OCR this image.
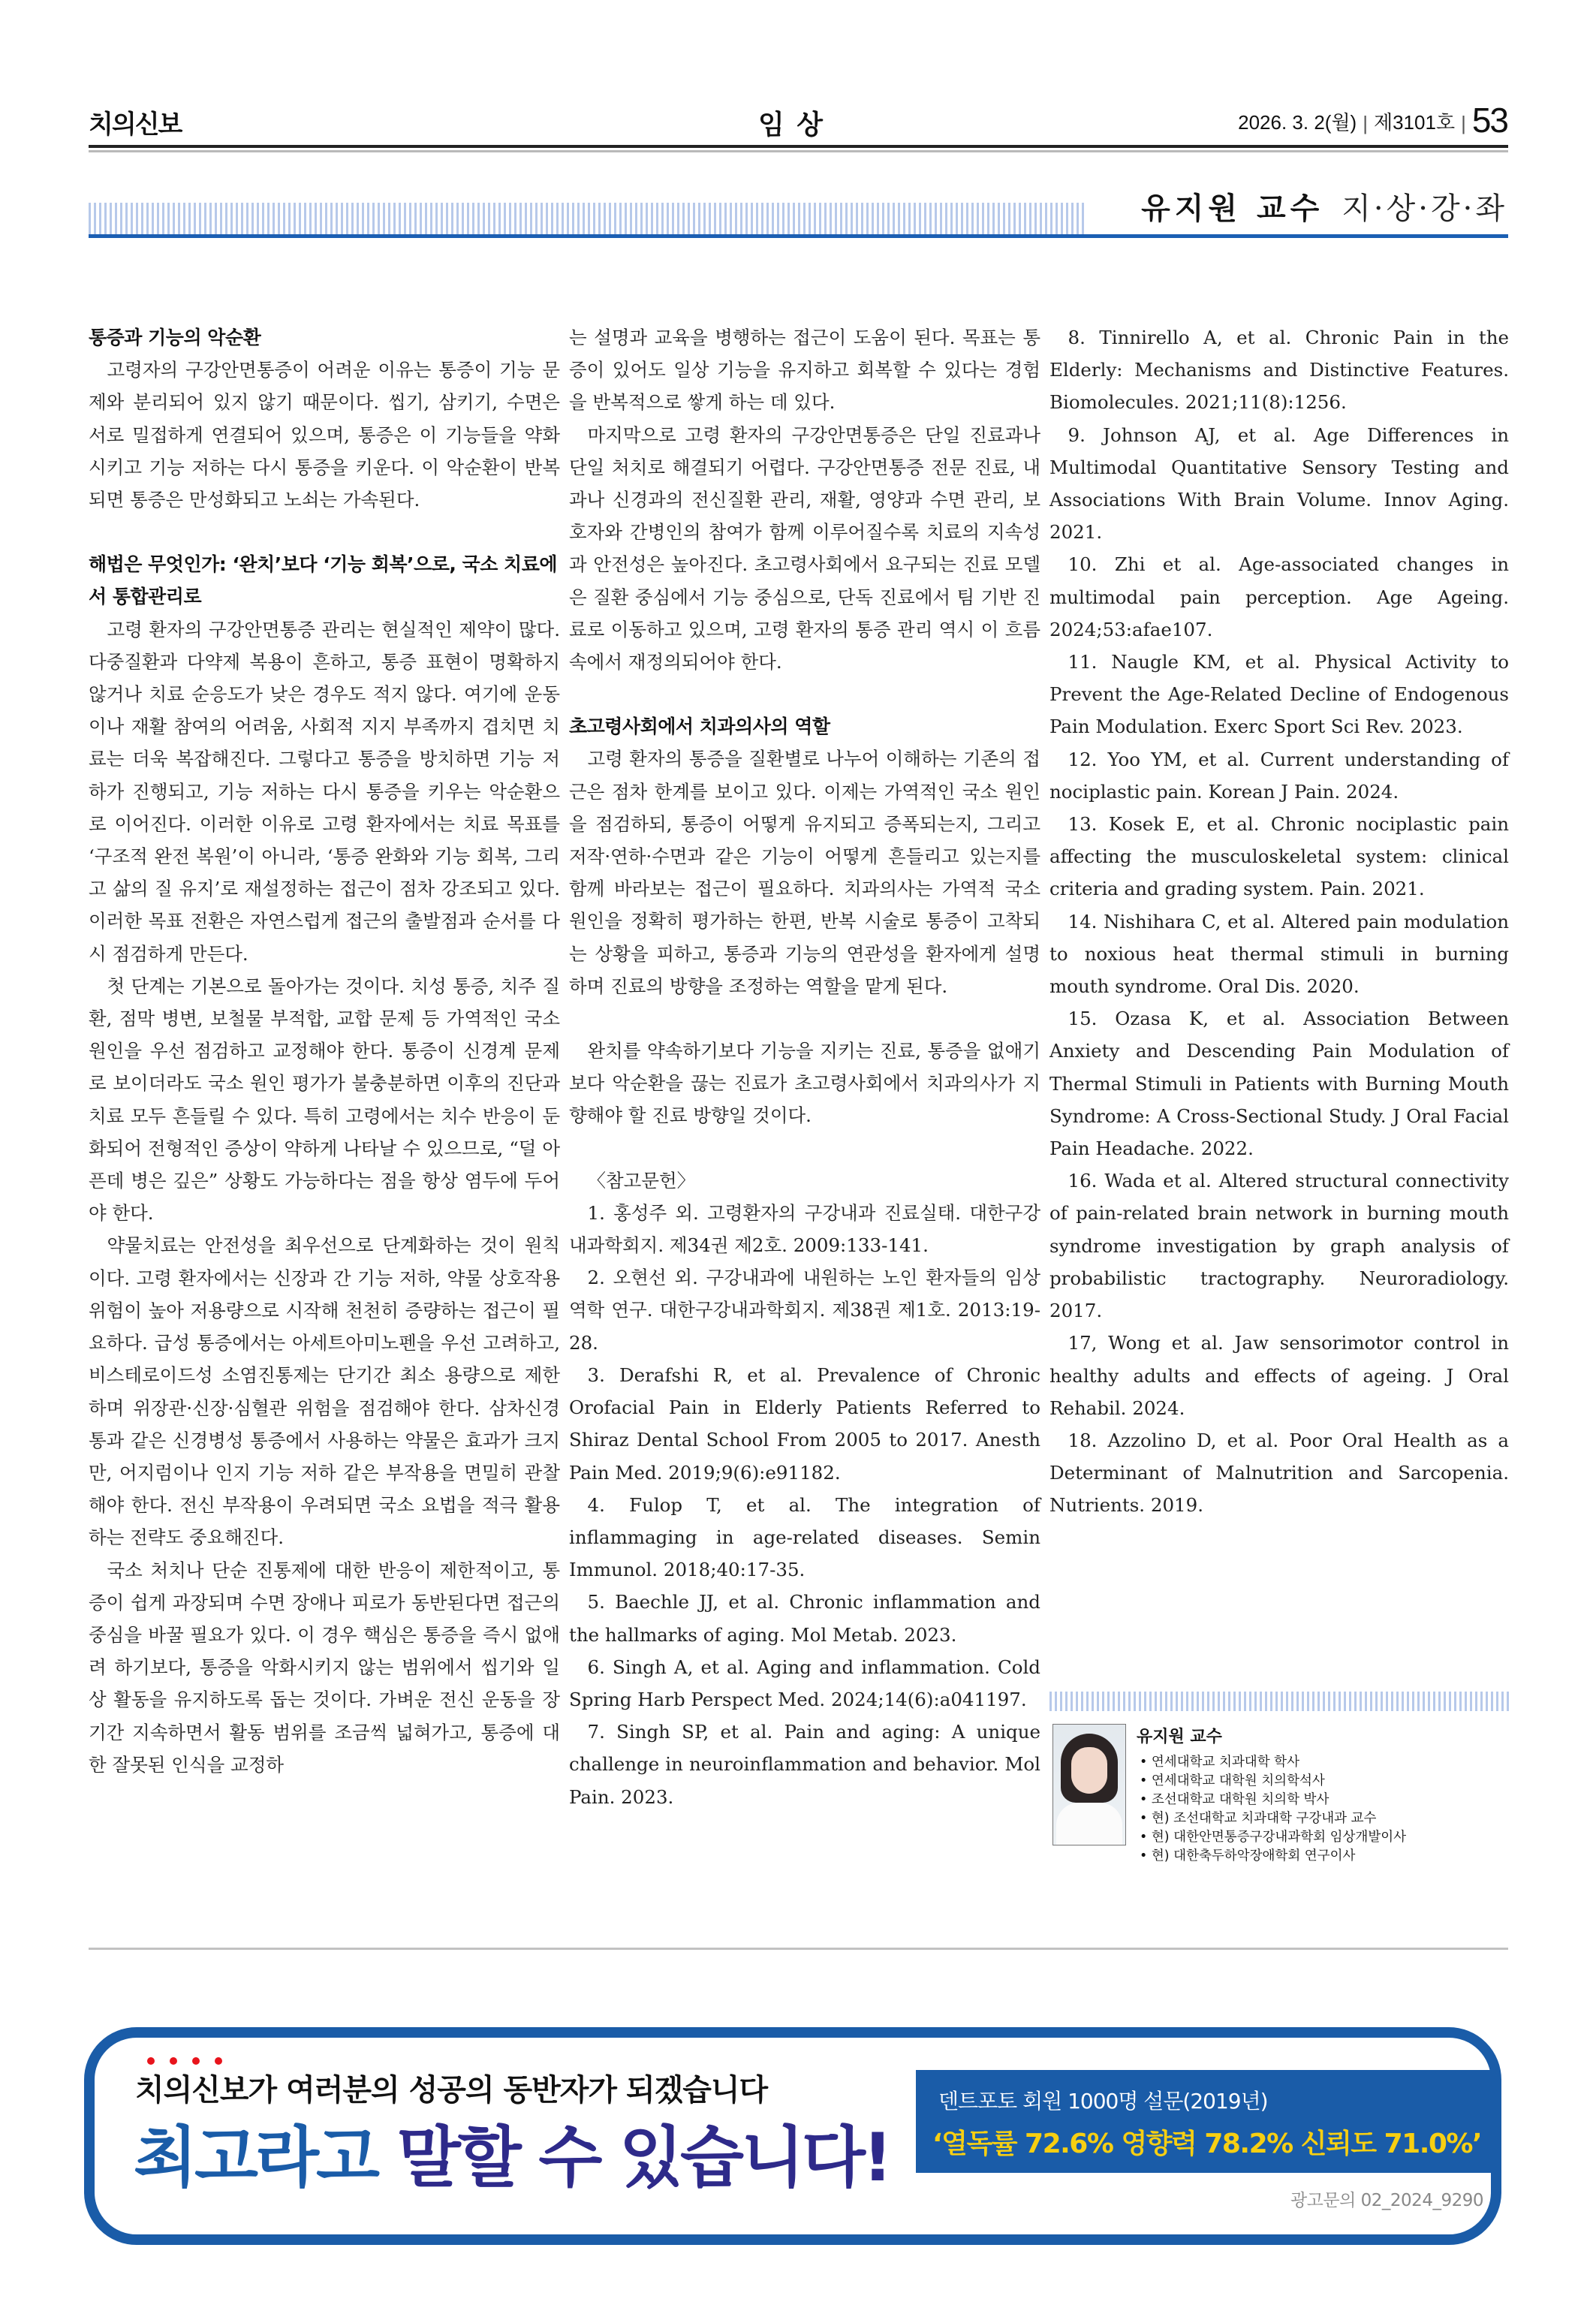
치의신보	임 상	2026. 3. 2(월) | 제3101호 | 53
유지원 교수 지·상·강·좌
통증과 기능의 악순환

고령자의 구강안면통증이 어려운 이유는 통증이 기능 문제와 분리되어 있지 않기 때문이다. 씹기, 삼키기, 수면은 서로 밀접하게 연결되어 있으며, 통증은 이 기능들을 약화시키고 기능 저하는 다시 통증을 키운다. 이 악순환이 반복되면 통증은 만성화되고 노쇠는 가속된다.

해법은 무엇인가: ‘완치’보다 ‘기능 회복’으로, 국소 치료에서 통합관리로

고령 환자의 구강안면통증 관리는 현실적인 제약이 많다. 다중질환과 다약제 복용이 흔하고, 통증 표현이 명확하지 않거나 치료 순응도가 낮은 경우도 적지 않다. 여기에 운동이나 재활 참여의 어려움, 사회적 지지 부족까지 겹치면 치료는 더욱 복잡해진다. 그렇다고 통증을 방치하면 기능 저하가 진행되고, 기능 저하는 다시 통증을 키우는 악순환으로 이어진다. 이러한 이유로 고령 환자에서는 치료 목표를 ‘구조적 완전 복원’이 아니라, ‘통증 완화와 기능 회복, 그리고 삶의 질 유지’로 재설정하는 접근이 점차 강조되고 있다. 이러한 목표 전환은 자연스럽게 접근의 출발점과 순서를 다시 점검하게 만든다.

첫 단계는 기본으로 돌아가는 것이다. 치성 통증, 치주 질환, 점막 병변, 보철물 부적합, 교합 문제 등 가역적인 국소 원인을 우선 점검하고 교정해야 한다. 통증이 신경계 문제로 보이더라도 국소 원인 평가가 불충분하면 이후의 진단과 치료 모두 흔들릴 수 있다. 특히 고령에서는 치수 반응이 둔화되어 전형적인 증상이 약하게 나타날 수 있으므로, “덜 아픈데 병은 깊은” 상황도 가능하다는 점을 항상 염두에 두어야 한다.

약물치료는 안전성을 최우선으로 단계화하는 것이 원칙이다. 고령 환자에서는 신장과 간 기능 저하, 약물 상호작용 위험이 높아 저용량으로 시작해 천천히 증량하는 접근이 필요하다. 급성 통증에서는 아세트아미노펜을 우선 고려하고, 비스테로이드성 소염진통제는 단기간 최소 용량으로 제한하며 위장관·신장·심혈관 위험을 점검해야 한다. 삼차신경통과 같은 신경병성 통증에서 사용하는 약물은 효과가 크지만, 어지럼이나 인지 기능 저하 같은 부작용을 면밀히 관찰해야 한다. 전신 부작용이 우려되면 국소 요법을 적극 활용하는 전략도 중요해진다.

국소 처치나 단순 진통제에 대한 반응이 제한적이고, 통증이 쉽게 과장되며 수면 장애나 피로가 동반된다면 접근의 중심을 바꿀 필요가 있다. 이 경우 핵심은 통증을 즉시 없애려 하기보다, 통증을 악화시키지 않는 범위에서 씹기와 일상 활동을 유지하도록 돕는 것이다. 가벼운 전신 운동을 장기간 지속하면서 활동 범위를 조금씩 넓혀가고, 통증에 대한 잘못된 인식을 교정하

는 설명과 교육을 병행하는 접근이 도움이 된다. 목표는 통증이 있어도 일상 기능을 유지하고 회복할 수 있다는 경험을 반복적으로 쌓게 하는 데 있다.

마지막으로 고령 환자의 구강안면통증은 단일 진료과나 단일 처치로 해결되기 어렵다. 구강안면통증 전문 진료, 내과나 신경과의 전신질환 관리, 재활, 영양과 수면 관리, 보호자와 간병인의 참여가 함께 이루어질수록 치료의 지속성과 안전성은 높아진다. 초고령사회에서 요구되는 진료 모델은 질환 중심에서 기능 중심으로, 단독 진료에서 팀 기반 진료로 이동하고 있으며, 고령 환자의 통증 관리 역시 이 흐름 속에서 재정의되어야 한다.

초고령사회에서 치과의사의 역할

고령 환자의 통증을 질환별로 나누어 이해하는 기존의 접근은 점차 한계를 보이고 있다. 이제는 가역적인 국소 원인을 점검하되, 통증이 어떻게 유지되고 증폭되는지, 그리고 저작·연하·수면과 같은 기능이 어떻게 흔들리고 있는지를 함께 바라보는 접근이 필요하다. 치과의사는 가역적 국소 원인을 정확히 평가하는 한편, 반복 시술로 통증이 고착되는 상황을 피하고, 통증과 기능의 연관성을 환자에게 설명하며 진료의 방향을 조정하는 역할을 맡게 된다.

완치를 약속하기보다 기능을 지키는 진료, 통증을 없애기보다 악순환을 끊는 진료가 초고령사회에서 치과의사가 지향해야 할 진료 방향일 것이다.

〈참고문헌〉

1. 홍성주 외. 고령환자의 구강내과 진료실태. 대한구강내과학회지. 제34권 제2호. 2009:133-141.

2. 오현선 외. 구강내과에 내원하는 노인 환자들의 임상역학 연구. 대한구강내과학회지. 제38권 제1호. 2013:19-28.

3. Derafshi R, et al. Prevalence of Chronic Orofacial Pain in Elderly Patients Referred to Shiraz Dental School From 2005 to 2017. Anesth Pain Med. 2019;9(6):e91182.

4. Fulop T, et al. The integration of inflammaging in age-related diseases. Semin Immunol. 2018;40:17-35.

5. Baechle JJ, et al. Chronic inflammation and the hallmarks of aging. Mol Metab. 2023.

6. Singh A, et al. Aging and inflammation. Cold Spring Harb Perspect Med. 2024;14(6):a041197.

7. Singh SP, et al. Pain and aging: A unique challenge in neuroinflammation and behavior. Mol Pain. 2023.

8. Tinnirello A, et al. Chronic Pain in the Elderly: Mechanisms and Distinctive Features. Biomolecules. 2021;11(8):1256.

9. Johnson AJ, et al. Age Differences in Multimodal Quantitative Sensory Testing and Associations With Brain Volume. Innov Aging. 2021.

10. Zhi et al. Age-associated changes in multimodal pain perception. Age Ageing. 2024;53:afae107.

11. Naugle KM, et al. Physical Activity to Prevent the Age-Related Decline of Endogenous Pain Modulation. Exerc Sport Sci Rev. 2023.

12. Yoo YM, et al. Current understanding of nociplastic pain. Korean J Pain. 2024.

13. Kosek E, et al. Chronic nociplastic pain affecting the musculoskeletal system: clinical criteria and grading system. Pain. 2021.

14. Nishihara C, et al. Altered pain modulation to noxious heat thermal stimuli in burning mouth syndrome. Oral Dis. 2020.

15. Ozasa K, et al. Association Between Anxiety and Descending Pain Modulation of Thermal Stimuli in Patients with Burning Mouth Syndrome: A Cross-Sectional Study. J Oral Facial Pain Headache. 2022.

16. Wada et al. Altered structural connectivity of pain-related brain network in burning mouth syndrome investigation by graph analysis of probabilistic tractography. Neuroradiology. 2017.

17, Wong et al. Jaw sensorimotor control in healthy adults and effects of ageing. J Oral Rehabil. 2024.

18. Azzolino D, et al. Poor Oral Health as a Determinant of Malnutrition and Sarcopenia. Nutrients. 2019.

유지원 교수
• 연세대학교 치과대학 학사
• 연세대학교 대학원 치의학석사
• 조선대학교 대학원 치의학 박사
• 현) 조선대학교 치과대학 구강내과 교수
• 현) 대한안면통증구강내과학회 임상개발이사
• 현) 대한축두하악장애학회 연구이사
치의신보가 여러분의 성공의 동반자가 되겠습니다
최고라고 말할 수 있습니다!
덴트포토 회원 1000명 설문(2019년)
‘열독률 72.6% 영향력 78.2% 신뢰도 71.0%’
광고문의 02_2024_9290
